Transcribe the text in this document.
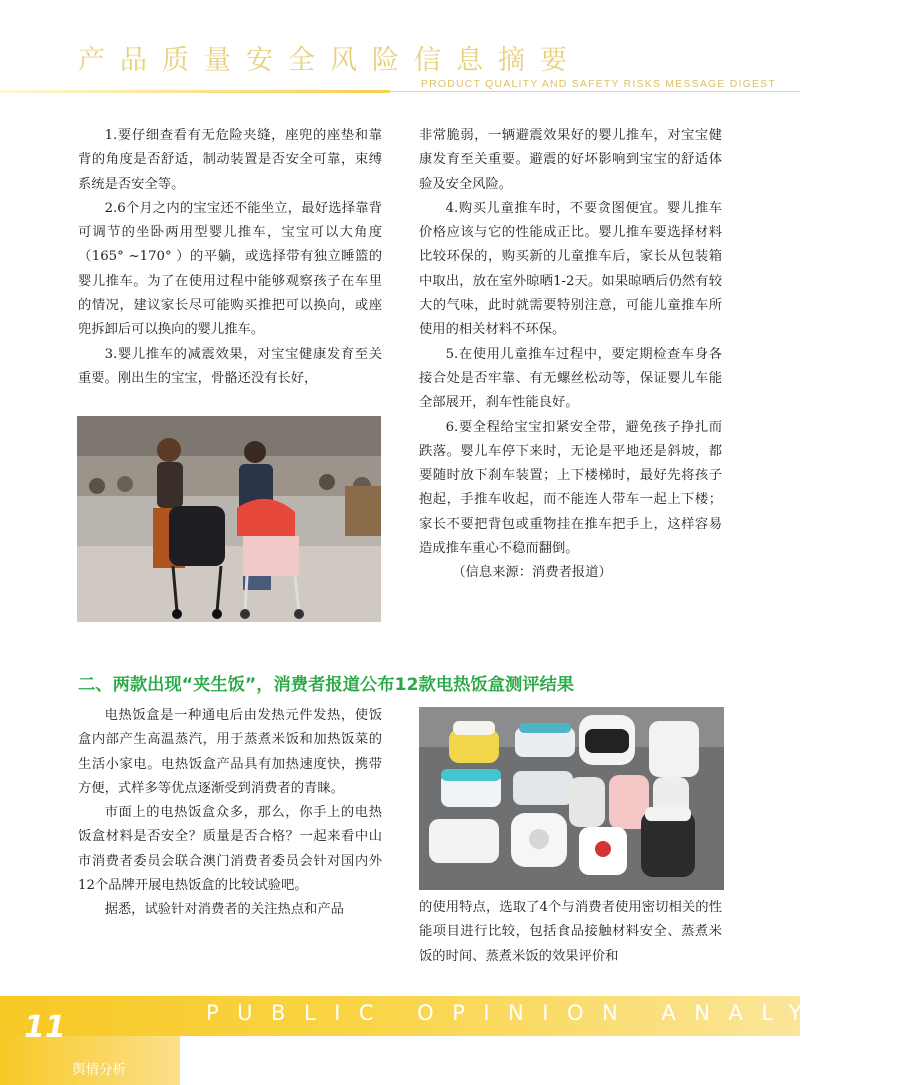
产品质量安全风险信息摘要
PRODUCT QUALITY AND SAFETY RISKS MESSAGE DIGEST

1.要仔细查看有无危险夹缝，座兜的座垫和靠背的角度是否舒适，制动装置是否安全可靠，束缚系统是否安全等。

2.6个月之内的宝宝还不能坐立，最好选择靠背可调节的坐卧两用型婴儿推车，宝宝可以大角度（165° ~170° ）的平躺，或选择带有独立睡篮的婴儿推车。为了在使用过程中能够观察孩子在车里的情况，建议家长尽可能购买推把可以换向，或座兜拆卸后可以换向的婴儿推车。

3.婴儿推车的减震效果，对宝宝健康发育至关重要。刚出生的宝宝，骨骼还没有长好，

非常脆弱，一辆避震效果好的婴儿推车，对宝宝健康发育至关重要。避震的好坏影响到宝宝的舒适体验及安全风险。

4.购买儿童推车时，不要贪图便宜。婴儿推车价格应该与它的性能成正比。婴儿推车要选择材料比较环保的，购买新的儿童推车后，家长从包装箱中取出，放在室外晾晒1-2天。如果晾晒后仍然有较大的气味，此时就需要特别注意，可能儿童推车所使用的相关材料不环保。

5.在使用儿童推车过程中，要定期检查车身各接合处是否牢靠、有无螺丝松动等，保证婴儿车能全部展开，刹车性能良好。

6.要全程给宝宝扣紧安全带，避免孩子挣扎而跌落。婴儿车停下来时，无论是平地还是斜坡，都要随时放下刹车装置；上下楼梯时，最好先将孩子抱起，手推车收起，而不能连人带车一起上下楼；家长不要把背包或重物挂在推车把手上，这样容易造成推车重心不稳而翻倒。

（信息来源：消费者报道）

二、两款出现“夹生饭”，消费者报道公布12款电热饭盒测评结果

电热饭盒是一种通电后由发热元件发热，使饭盒内部产生高温蒸汽，用于蒸煮米饭和加热饭菜的生活小家电。电热饭盒产品具有加热速度快，携带方便，式样多等优点逐渐受到消费者的青睐。

市面上的电热饭盒众多，那么，你手上的电热饭盒材料是否安全？质量是否合格？一起来看中山市消费者委员会联合澳门消费者委员会针对国内外12个品牌开展电热饭盒的比较试验吧。

据悉，试验针对消费者的关注热点和产品	的使用特点，选取了4个与消费者使用密切相关的性能项目进行比较，包括食品接触材料安全、蒸煮米饭的时间、蒸煮米饭的效果评价和

PUBLIC OPINION ANALYSIS
11
舆情分析
